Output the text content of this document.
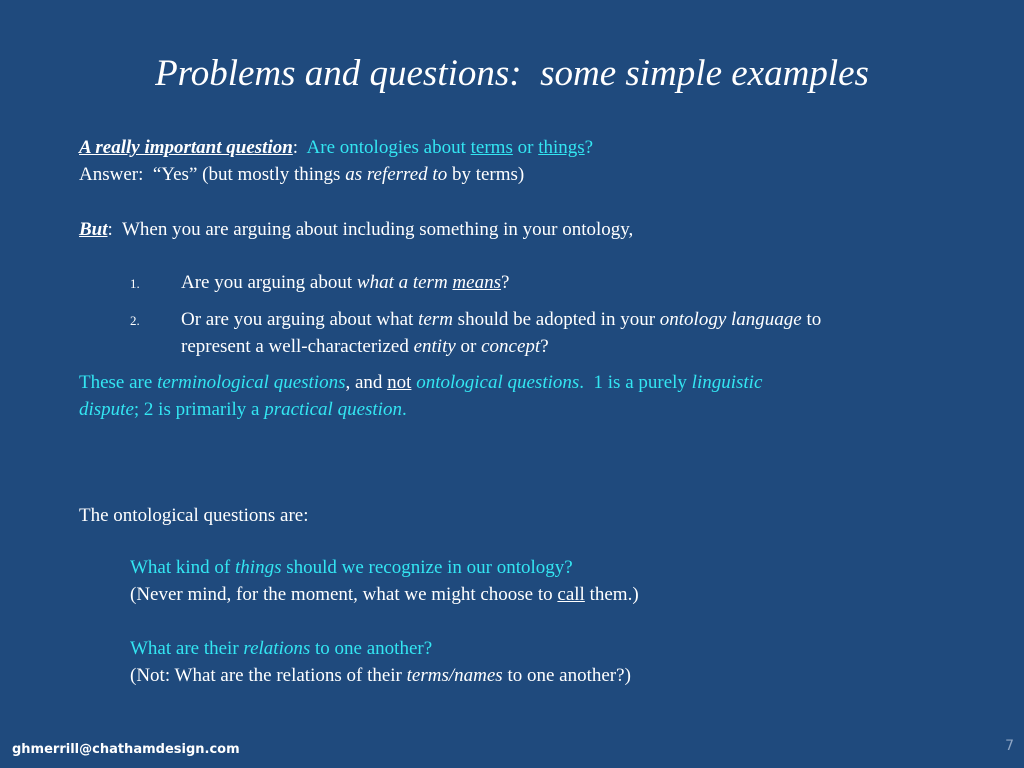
Problems and questions:  some simple examples
A really important question:  Are ontologies about terms or things?
Answer:  “Yes” (but mostly things as referred to by terms)
But:  When you are arguing about including something in your ontology,
1. Are you arguing about what a term means?
2. Or are you arguing about what term should be adopted in your ontology language to
represent a well-characterized entity or concept?
These are terminological questions, and not ontological questions.  1 is a purely linguistic
dispute; 2 is primarily a practical question.
The ontological questions are:
What kind of things should we recognize in our ontology?
(Never mind, for the moment, what we might choose to call them.)
What are their relations to one another?
(Not: What are the relations of their terms/names to one another?)
ghmerrill@chathamdesign.com	7
